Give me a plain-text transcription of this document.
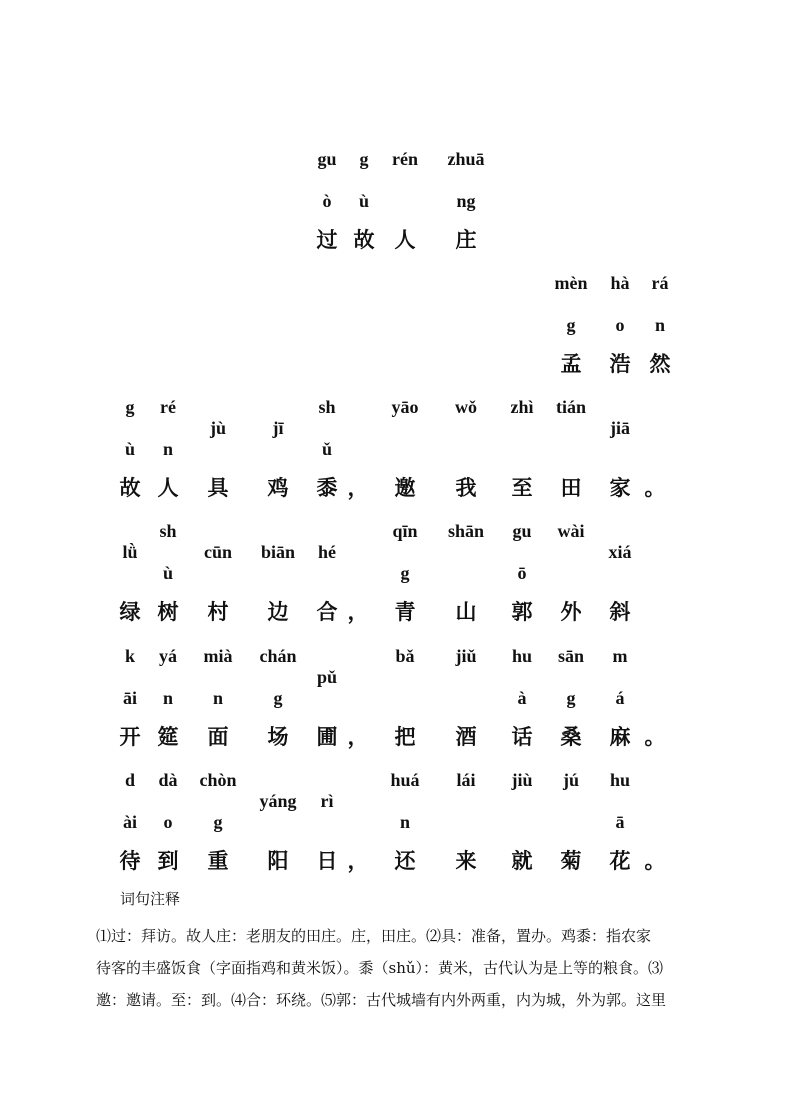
gu
ò
过
g
ù
故
rén
人
zhuā
ng
庄
mèn
g
孟
hà
o
浩
rá
n
然
g
ù
故
ré
n
人
jù
具
jī
鸡
sh
ǔ
黍 ，
yāo
邀
wǒ
我
zhì
至
tián
田
jiā
家 。
lǜ
绿
sh
ù
树
cūn
村
biān
边
hé
合 ，
qīn
g
青
shān
山
gu
ō
郭
wài
外
xiá
斜
k
āi
开
yá
n
筵
mià
n
面
chán
g
场
pǔ
圃 ，
bǎ
把
jiǔ
酒
hu
à
话
sān
g
桑
m
á
麻 。
d
ài
待
dà
o
到
chòn
g
重
yáng
阳
rì
日 ，
huá
n
还
lái
来
jiù
就
jú
菊
hu
ā
花 。
词句注释

⑴过：拜访。故人庄：老朋友的田庄。庄，田庄。⑵具：准备，置办。鸡黍：指农家

待客的丰盛饭食（字面指鸡和黄米饭）。黍（shǔ）：黄米，古代认为是上等的粮食。⑶

邀：邀请。至：到。⑷合：环绕。⑸郭：古代城墙有内外两重，内为城，外为郭。这里
